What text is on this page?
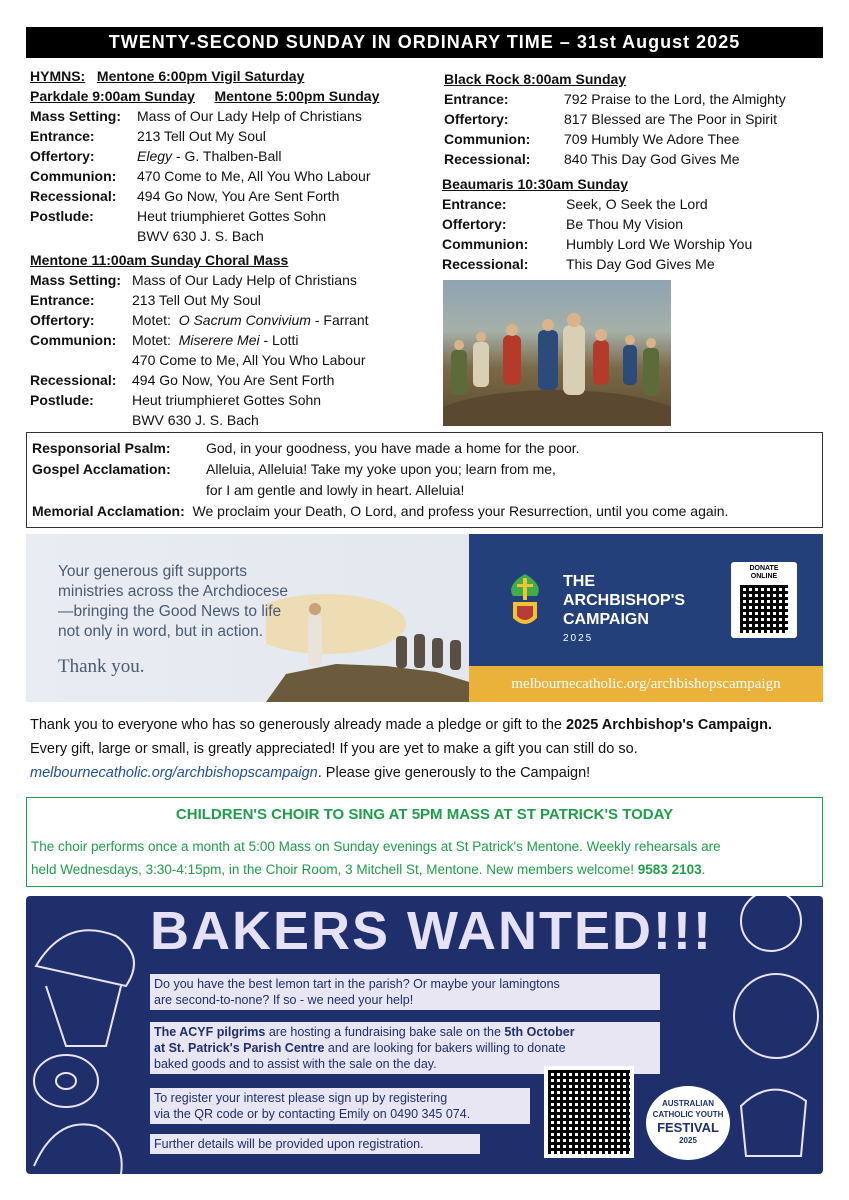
TWENTY-SECOND SUNDAY IN ORDINARY TIME – 31st August 2025
HYMNS: Mentone 6:00pm Vigil Saturday
Parkdale 9:00am Sunday Mentone 5:00pm Sunday
Mass Setting: Mass of Our Lady Help of Christians
Entrance:	213 Tell Out My Soul
Offertory:	Elegy - G. Thalben-Ball
Communion: 470 Come to Me, All You Who Labour
Recessional: 494 Go Now, You Are Sent Forth
Postlude:	Heut triumphieret Gottes Sohn
BWV 630 J. S. Bach
Mentone 11:00am Sunday Choral Mass
Mass Setting: Mass of Our Lady Help of Christians
Entrance:	213 Tell Out My Soul
Offertory:	Motet: O Sacrum Convivium - Farrant
Communion: Motet: Miserere Mei - Lotti
470 Come to Me, All You Who Labour
Recessional: 494 Go Now, You Are Sent Forth
Postlude:	Heut triumphieret Gottes Sohn
BWV 630 J. S. Bach
Black Rock 8:00am Sunday
Entrance:	792 Praise to the Lord, the Almighty
Offertory:	817 Blessed are The Poor in Spirit
Communion: 709 Humbly We Adore Thee
Recessional: 840 This Day God Gives Me
Beaumaris 10:30am Sunday
Entrance:	Seek, O Seek the Lord
Offertory:	Be Thou My Vision
Communion:	Humbly Lord We Worship You
Recessional:	This Day God Gives Me
Responsorial Psalm:	God, in your goodness, you have made a home for the poor.
Gospel Acclamation:	Alleluia, Alleluia! Take my yoke upon you; learn from me,
for I am gentle and lowly in heart. Alleluia!
Memorial Acclamation: We proclaim your Death, O Lord, and profess your Resurrection, until you come again.
Your generous gift supports
ministries across the Archdiocese
—bringing the Good News to life
not only in word, but in action.
Thank you.
THE
ARCHBISHOP'S
CAMPAIGN
2025
DONATE
ONLINE
melbournecatholic.org/archbishopscampaign
Thank you to everyone who has so generously already made a pledge or gift to the 2025 Archbishop's Campaign.
Every gift, large or small, is greatly appreciated! If you are yet to make a gift you can still do so.
melbournecatholic.org/archbishopscampaign. Please give generously to the Campaign!
CHILDREN'S CHOIR TO SING AT 5PM MASS AT ST PATRICK'S TODAY
The choir performs once a month at 5:00 Mass on Sunday evenings at St Patrick's Mentone. Weekly rehearsals are
held Wednesdays, 3:30-4:15pm, in the Choir Room, 3 Mitchell St, Mentone. New members welcome! 9583 2103.
BAKERS WANTED!!!
Do you have the best lemon tart in the parish? Or maybe your lamingtons
are second-to-none? If so - we need your help!
The ACYF pilgrims are hosting a fundraising bake sale on the 5th October
at St. Patrick's Parish Centre and are looking for bakers willing to donate
baked goods and to assist with the sale on the day.
To register your interest please sign up by registering
via the QR code or by contacting Emily on 0490 345 074.
Further details will be provided upon registration.
AUSTRALIAN
CATHOLIC YOUTH
FESTIVAL
2025
